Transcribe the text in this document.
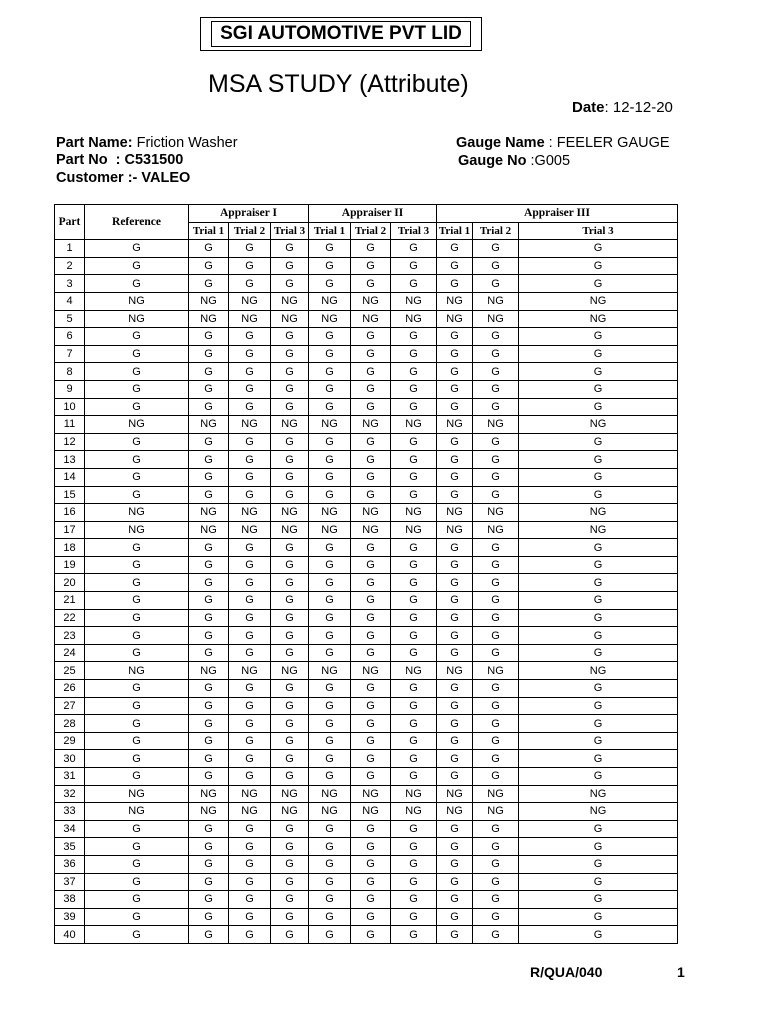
SGI AUTOMOTIVE PVT LID
MSA STUDY (Attribute)
Date: 12-12-20
Part Name: Friction Washer
Part No  : C531500
Customer :- VALEO
Gauge Name : FEELER GAUGE
Gauge No :G005
Part	Reference	Appraiser I			Appraiser II			Appraiser III		
		Trial 1	Trial 2	Trial 3	Trial 1	Trial 2	Trial 3	Trial 1	Trial 2	Trial 3
1	G	G	G	G	G	G	G	G	G	G
2	G	G	G	G	G	G	G	G	G	G
3	G	G	G	G	G	G	G	G	G	G
4	NG	NG	NG	NG	NG	NG	NG	NG	NG	NG
5	NG	NG	NG	NG	NG	NG	NG	NG	NG	NG
6	G	G	G	G	G	G	G	G	G	G
7	G	G	G	G	G	G	G	G	G	G
8	G	G	G	G	G	G	G	G	G	G
9	G	G	G	G	G	G	G	G	G	G
10	G	G	G	G	G	G	G	G	G	G
11	NG	NG	NG	NG	NG	NG	NG	NG	NG	NG
12	G	G	G	G	G	G	G	G	G	G
13	G	G	G	G	G	G	G	G	G	G
14	G	G	G	G	G	G	G	G	G	G
15	G	G	G	G	G	G	G	G	G	G
16	NG	NG	NG	NG	NG	NG	NG	NG	NG	NG
17	NG	NG	NG	NG	NG	NG	NG	NG	NG	NG
18	G	G	G	G	G	G	G	G	G	G
19	G	G	G	G	G	G	G	G	G	G
20	G	G	G	G	G	G	G	G	G	G
21	G	G	G	G	G	G	G	G	G	G
22	G	G	G	G	G	G	G	G	G	G
23	G	G	G	G	G	G	G	G	G	G
24	G	G	G	G	G	G	G	G	G	G
25	NG	NG	NG	NG	NG	NG	NG	NG	NG	NG
26	G	G	G	G	G	G	G	G	G	G
27	G	G	G	G	G	G	G	G	G	G
28	G	G	G	G	G	G	G	G	G	G
29	G	G	G	G	G	G	G	G	G	G
30	G	G	G	G	G	G	G	G	G	G
31	G	G	G	G	G	G	G	G	G	G
32	NG	NG	NG	NG	NG	NG	NG	NG	NG	NG
33	NG	NG	NG	NG	NG	NG	NG	NG	NG	NG
34	G	G	G	G	G	G	G	G	G	G
35	G	G	G	G	G	G	G	G	G	G
36	G	G	G	G	G	G	G	G	G	G
37	G	G	G	G	G	G	G	G	G	G
38	G	G	G	G	G	G	G	G	G	G
39	G	G	G	G	G	G	G	G	G	G
40	G	G	G	G	G	G	G	G	G	G
R/QUA/040	1
